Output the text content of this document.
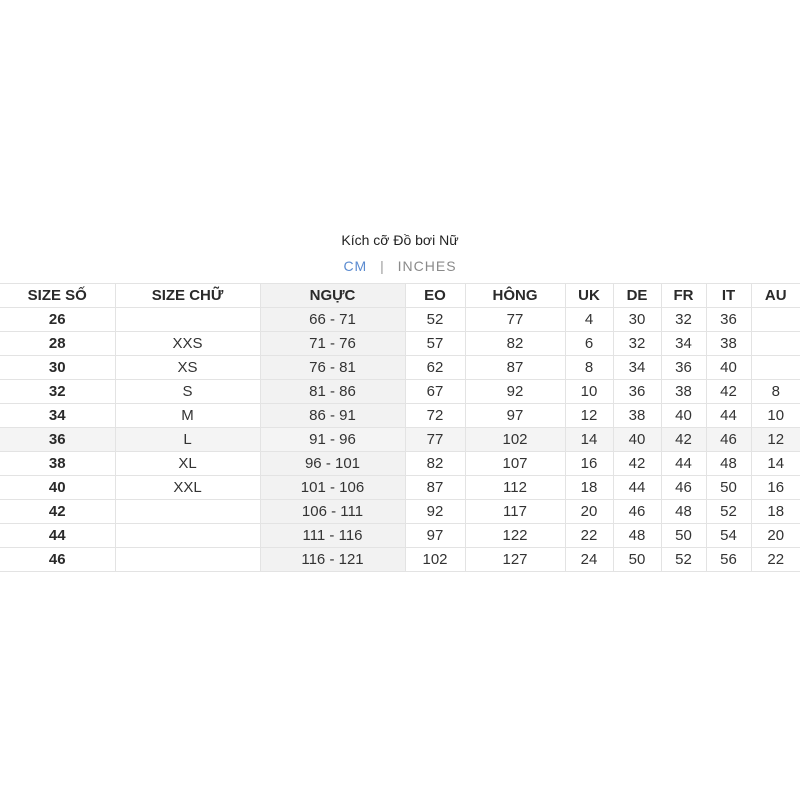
Kích cỡ Đồ bơi Nữ
CM | INCHES
SIZE SỐ	SIZE CHỮ	NGỰC	EO	HÔNG	UK	DE	FR	IT	AU
26		66 - 71	52	77	4	30	32	36	
28	XXS	71 - 76	57	82	6	32	34	38	
30	XS	76 - 81	62	87	8	34	36	40	
32	S	81 - 86	67	92	10	36	38	42	8
34	M	86 - 91	72	97	12	38	40	44	10
36	L	91 - 96	77	102	14	40	42	46	12
38	XL	96 - 101	82	107	16	42	44	48	14
40	XXL	101 - 106	87	112	18	44	46	50	16
42		106 - 111	92	117	20	46	48	52	18
44		111 - 116	97	122	22	48	50	54	20
46		116 - 121	102	127	24	50	52	56	22
